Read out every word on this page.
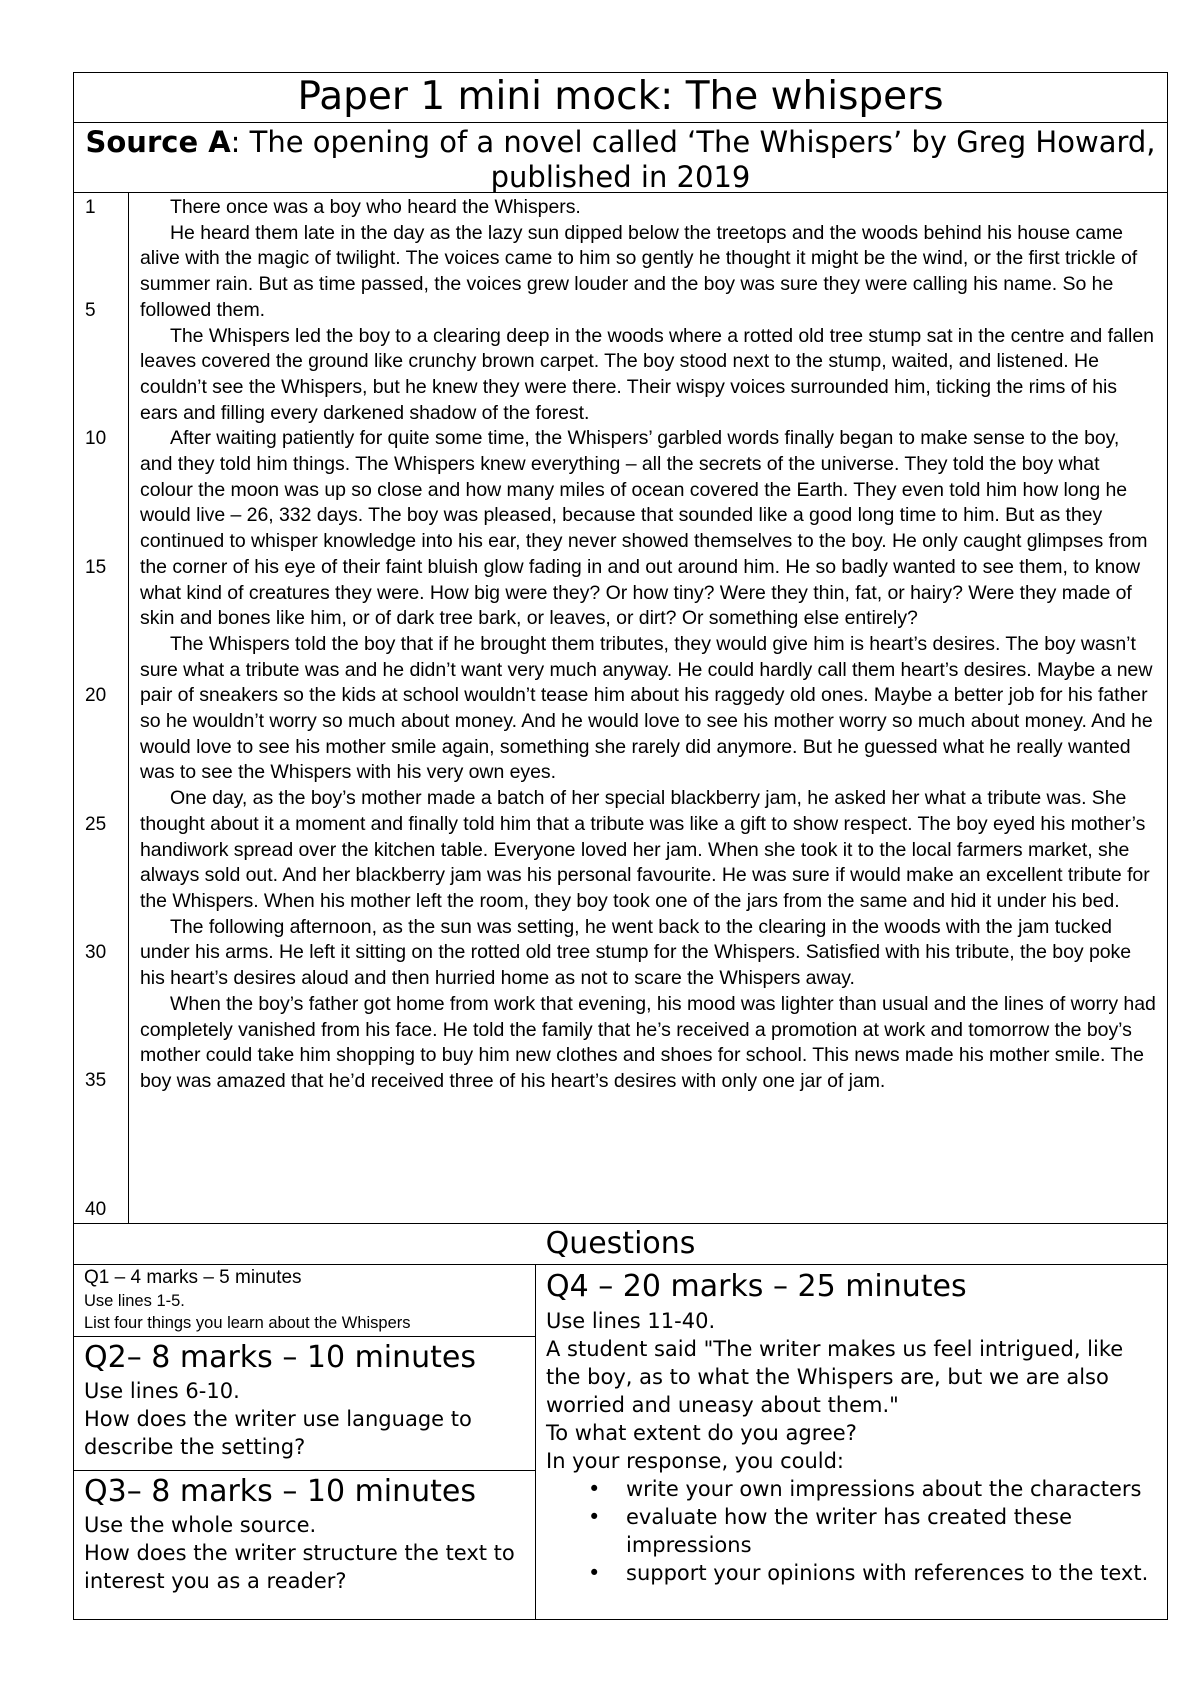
Paper 1 mini mock: The whispers
Source A: The opening of a novel called ‘The Whispers’ by Greg Howard, published in 2019
1
5
10
15
20
25
30
35
40

There once was a boy who heard the Whispers.

He heard them late in the day as the lazy sun dipped below the treetops and the woods behind his house came alive with the magic of twilight. The voices came to him so gently he thought it might be the wind, or the first trickle of summer rain. But as time passed, the voices grew louder and the boy was sure they were calling his name. So he followed them.

The Whispers led the boy to a clearing deep in the woods where a rotted old tree stump sat in the centre and fallen leaves covered the ground like crunchy brown carpet. The boy stood next to the stump, waited, and listened. He couldn’t see the Whispers, but he knew they were there. Their wispy voices surrounded him, ticking the rims of his ears and filling every darkened shadow of the forest.

After waiting patiently for quite some time, the Whispers’ garbled words finally began to make sense to the boy, and they told him things. The Whispers knew everything – all the secrets of the universe. They told the boy what colour the moon was up so close and how many miles of ocean covered the Earth. They even told him how long he would live – 26, 332 days. The boy was pleased, because that sounded like a good long time to him. But as they continued to whisper knowledge into his ear, they never showed themselves to the boy. He only caught glimpses from the corner of his eye of their faint bluish glow fading in and out around him. He so badly wanted to see them, to know what kind of creatures they were. How big were they? Or how tiny? Were they thin, fat, or hairy? Were they made of skin and bones like him, or of dark tree bark, or leaves, or dirt? Or something else entirely?

The Whispers told the boy that if he brought them tributes, they would give him is heart’s desires. The boy wasn’t sure what a tribute was and he didn’t want very much anyway. He could hardly call them heart’s desires. Maybe a new pair of sneakers so the kids at school wouldn’t tease him about his raggedy old ones. Maybe a better job for his father so he wouldn’t worry so much about money. And he would love to see his mother worry so much about money. And he would love to see his mother smile again, something she rarely did anymore. But he guessed what he really wanted was to see the Whispers with his very own eyes.

One day, as the boy’s mother made a batch of her special blackberry jam, he asked her what a tribute was. She thought about it a moment and finally told him that a tribute was like a gift to show respect. The boy eyed his mother’s handiwork spread over the kitchen table. Everyone loved her jam. When she took it to the local farmers market, she always sold out. And her blackberry jam was his personal favourite. He was sure if would make an excellent tribute for the Whispers. When his mother left the room, they boy took one of the jars from the same and hid it under his bed.

The following afternoon, as the sun was setting, he went back to the clearing in the woods with the jam tucked under his arms. He left it sitting on the rotted old tree stump for the Whispers. Satisfied with his tribute, the boy poke his heart’s desires aloud and then hurried home as not to scare the Whispers away.

When the boy’s father got home from work that evening, his mood was lighter than usual and the lines of worry had completely vanished from his face. He told the family that he’s received a promotion at work and tomorrow the boy’s mother could take him shopping to buy him new clothes and shoes for school. This news made his mother smile. The boy was amazed that he’d received three of his heart’s desires with only one jar of jam.

Questions
Q1 – 4 marks – 5 minutes
Use lines 1-5.
List four things you learn about the Whispers
Q2– 8 marks – 10 minutes
Use lines 6-10.
How does the writer use language to describe the setting?
Q3– 8 marks – 10 minutes
Use the whole source.
How does the writer structure the text to interest you as a reader?
Q4 – 20 marks – 25 minutes
Use lines 11-40.
A student said "The writer makes us feel intrigued, like the boy, as to what the Whispers are, but we are also worried and uneasy about them."
To what extent do you agree?
In your response, you could:
• write your own impressions about the characters
• evaluate how the writer has created these impressions
• support your opinions with references to the text.
